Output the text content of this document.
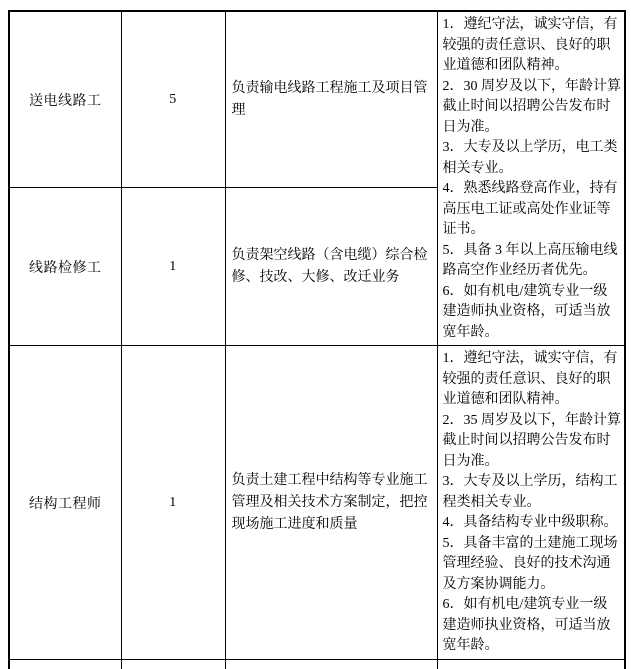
送电线路工	5	负责输电线路工程施工及项目管理	
1．遵纪守法，诚实守信，有较强的责任意识、良好的职业道德和团队精神。
2．30 周岁及以下，年龄计算截止时间以招聘公告发布时日为准。
3．大专及以上学历，电工类相关专业。
4．熟悉线路登高作业，持有高压电工证或高处作业证等证书。
5．具备 3 年以上高压输电线路高空作业经历者优先。
6．如有机电/建筑专业一级建造师执业资格，可适当放宽年龄。

线路检修工	1	负责架空线路（含电缆）综合检修、技改、大修、改迁业务	
结构工程师	1	负责土建工程中结构等专业施工管理及相关技术方案制定，把控现场施工进度和质量	
1．遵纪守法，诚实守信，有较强的责任意识、良好的职业道德和团队精神。
2．35 周岁及以下，年龄计算截止时间以招聘公告发布时日为准。
3．大专及以上学历，结构工程类相关专业。
4．具备结构专业中级职称。
5．具备丰富的土建施工现场管理经验、良好的技术沟通及方案协调能力。
6．如有机电/建筑专业一级建造师执业资格，可适当放宽年龄。
